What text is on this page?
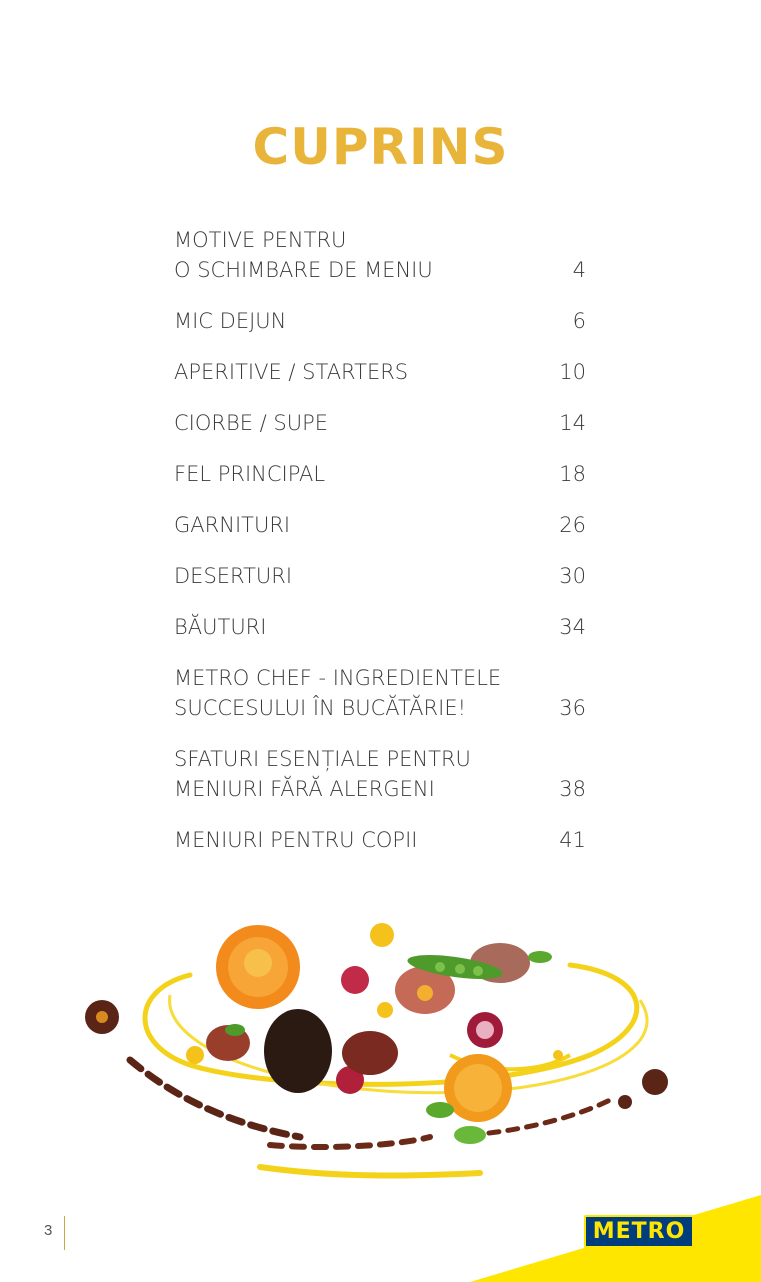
CUPRINS
MOTIVE PENTRU
O SCHIMBARE DE MENIU	4
MIC DEJUN	6
APERITIVE / STARTERS	10
CIORBE / SUPE	14
FEL PRINCIPAL	18
GARNITURI	26
DESERTURI	30
BĂUTURI	34
METRO CHEF - INGREDIENTELE
SUCCESULUI ÎN BUCĂTĂRIE!	36
SFATURI ESENȚIALE PENTRU
MENIURI FĂRĂ ALERGENI	38
MENIURI PENTRU COPII	41
3	METRO
